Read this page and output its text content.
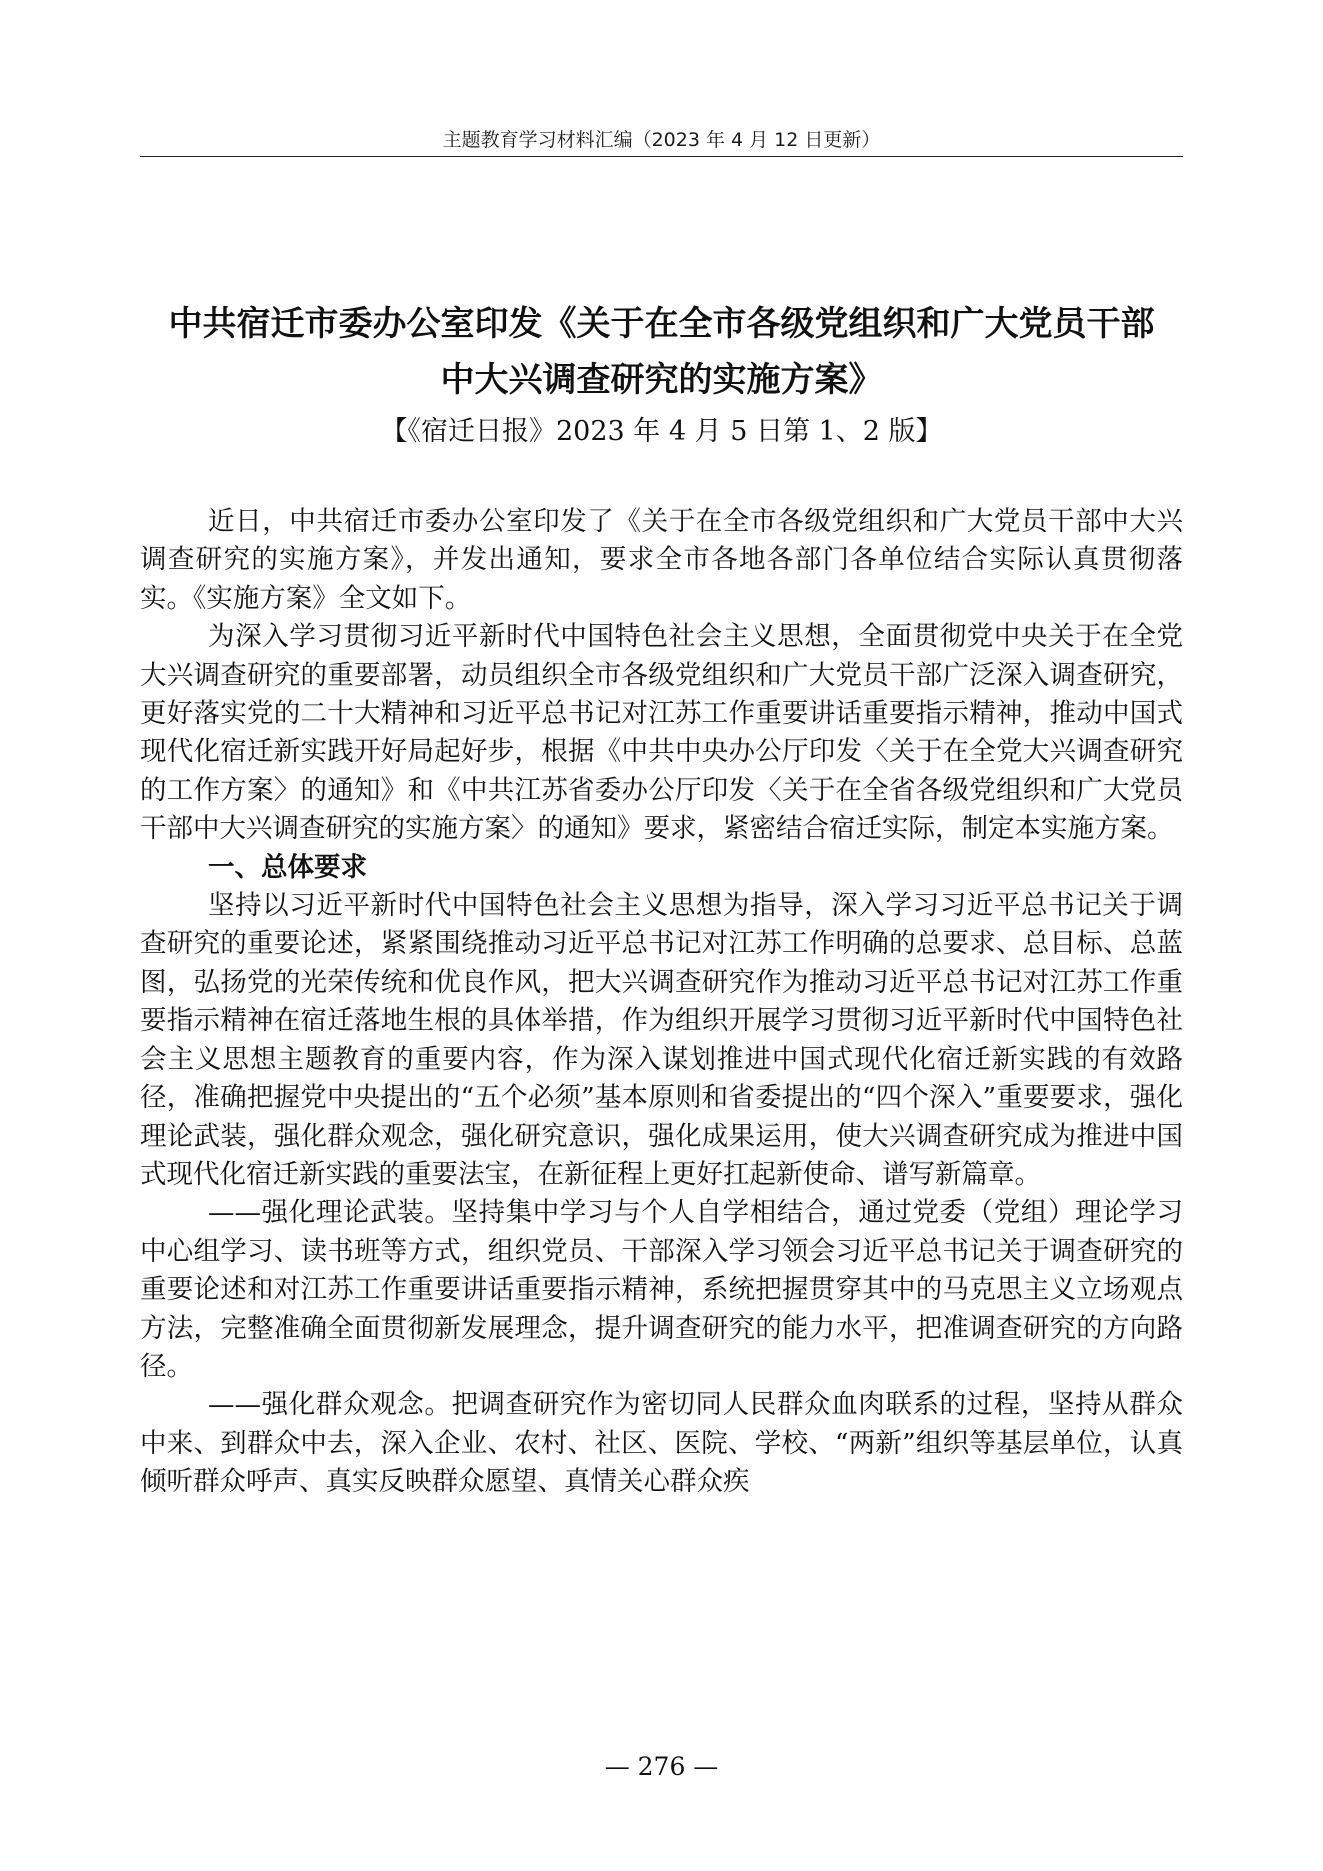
主题教育学习材料汇编（2023 年 4 月 12 日更新）
中共宿迁市委办公室印发《关于在全市各级党组织和广大党员干部
中大兴调查研究的实施方案》
【《宿迁日报》2023 年 4 月 5 日第 1、2 版】

近日，中共宿迁市委办公室印发了《关于在全市各级党组织和广大党员干部中大兴调查研究的实施方案》，并发出通知，要求全市各地各部门各单位结合实际认真贯彻落实。《实施方案》全文如下。

为深入学习贯彻习近平新时代中国特色社会主义思想，全面贯彻党中央关于在全党大兴调查研究的重要部署，动员组织全市各级党组织和广大党员干部广泛深入调查研究，更好落实党的二十大精神和习近平总书记对江苏工作重要讲话重要指示精神，推动中国式现代化宿迁新实践开好局起好步，根据《中共中央办公厅印发〈关于在全党大兴调查研究的工作方案〉的通知》和《中共江苏省委办公厅印发〈关于在全省各级党组织和广大党员干部中大兴调查研究的实施方案〉的通知》要求，紧密结合宿迁实际，制定本实施方案。

一、总体要求

坚持以习近平新时代中国特色社会主义思想为指导，深入学习习近平总书记关于调查研究的重要论述，紧紧围绕推动习近平总书记对江苏工作明确的总要求、总目标、总蓝图，弘扬党的光荣传统和优良作风，把大兴调查研究作为推动习近平总书记对江苏工作重要指示精神在宿迁落地生根的具体举措，作为组织开展学习贯彻习近平新时代中国特色社会主义思想主题教育的重要内容，作为深入谋划推进中国式现代化宿迁新实践的有效路径，准确把握党中央提出的“五个必须”基本原则和省委提出的“四个深入”重要要求，强化理论武装，强化群众观念，强化研究意识，强化成果运用，使大兴调查研究成为推进中国式现代化宿迁新实践的重要法宝，在新征程上更好扛起新使命、谱写新篇章。

——强化理论武装。坚持集中学习与个人自学相结合，通过党委（党组）理论学习中心组学习、读书班等方式，组织党员、干部深入学习领会习近平总书记关于调查研究的重要论述和对江苏工作重要讲话重要指示精神，系统把握贯穿其中的马克思主义立场观点方法，完整准确全面贯彻新发展理念，提升调查研究的能力水平，把准调查研究的方向路径。

——强化群众观念。把调查研究作为密切同人民群众血肉联系的过程，坚持从群众中来、到群众中去，深入企业、农村、社区、医院、学校、“两新”组织等基层单位，认真倾听群众呼声、真实反映群众愿望、真情关心群众疾

— 276 —
